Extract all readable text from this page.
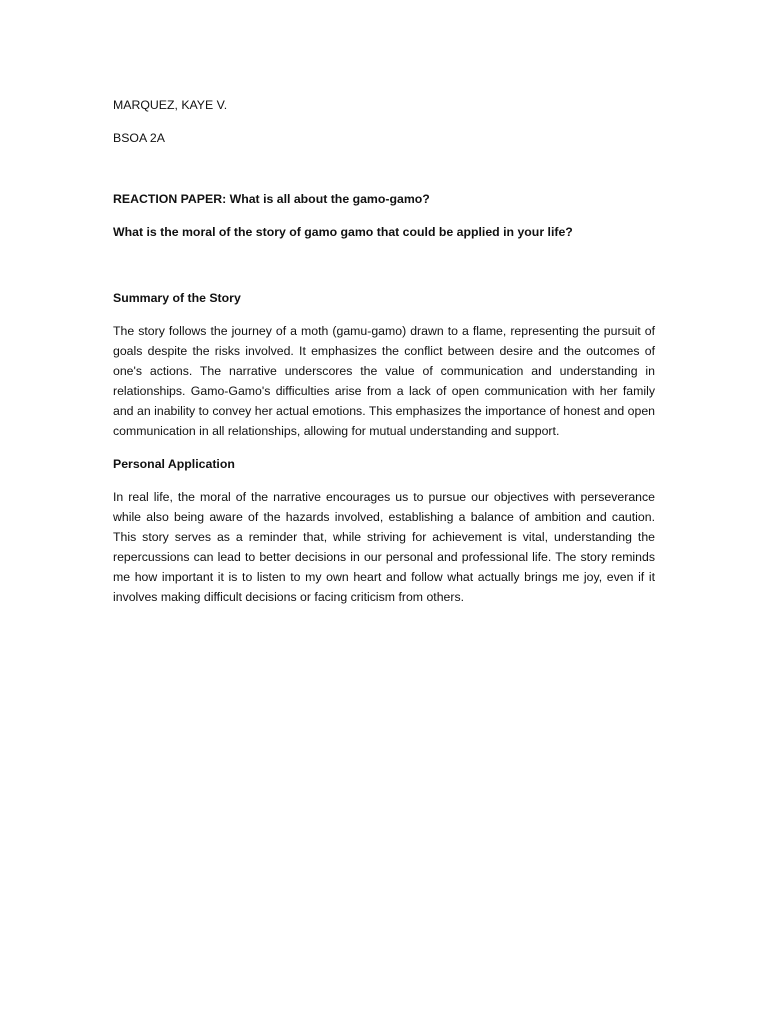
MARQUEZ, KAYE V.

BSOA 2A

REACTION PAPER: What is all about the gamo-gamo?

What is the moral of the story of gamo gamo that could be applied in your life?

Summary of the Story

The story follows the journey of a moth (gamu-gamo) drawn to a flame, representing the pursuit of goals despite the risks involved. It emphasizes the conflict between desire and the outcomes of one's actions. The narrative underscores the value of communication and understanding in relationships. Gamo-Gamo's difficulties arise from a lack of open communication with her family and an inability to convey her actual emotions. This emphasizes the importance of honest and open communication in all relationships, allowing for mutual understanding and support.

Personal Application

In real life, the moral of the narrative encourages us to pursue our objectives with perseverance while also being aware of the hazards involved, establishing a balance of ambition and caution. This story serves as a reminder that, while striving for achievement is vital, understanding the repercussions can lead to better decisions in our personal and professional life. The story reminds me how important it is to listen to my own heart and follow what actually brings me joy, even if it involves making difficult decisions or facing criticism from others.
